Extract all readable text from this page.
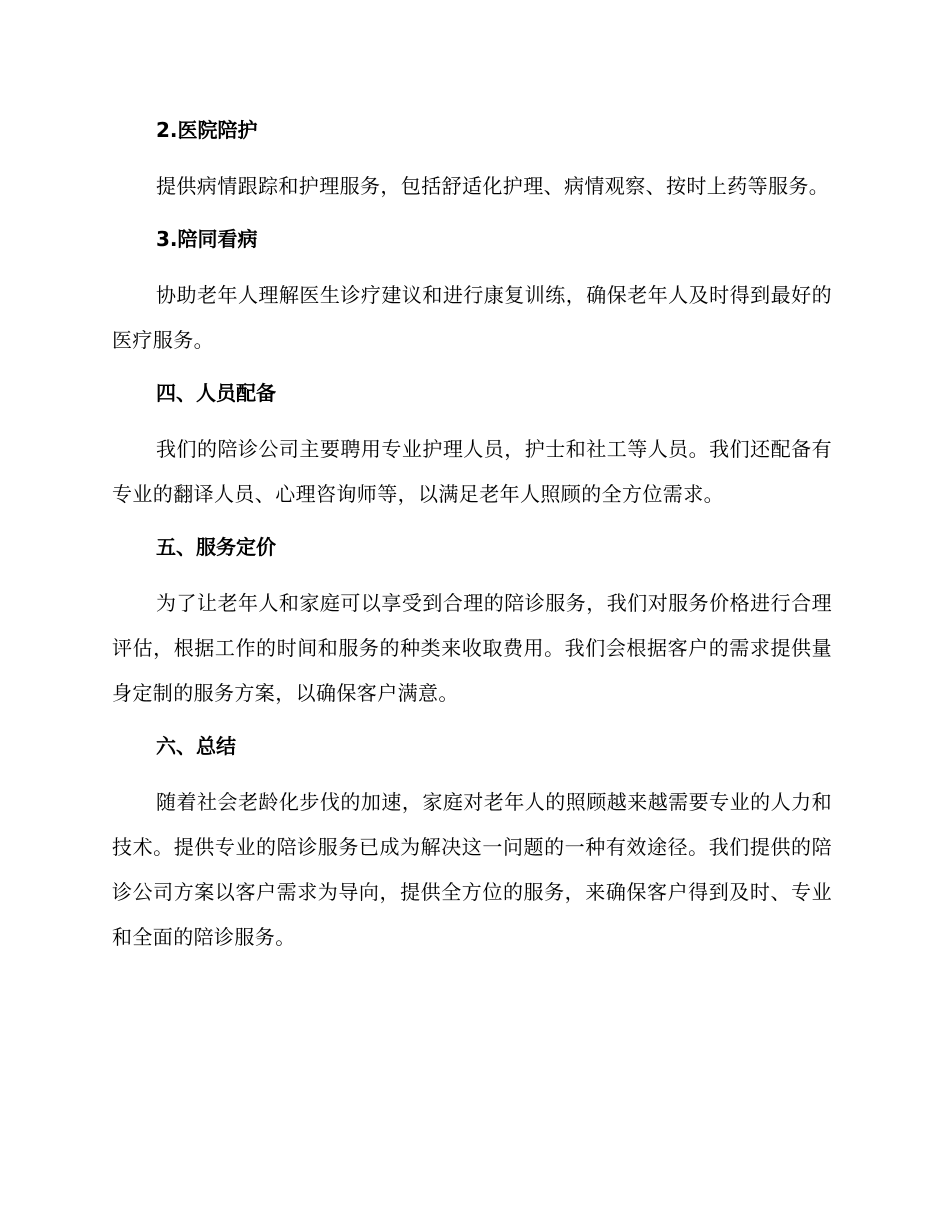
2.医院陪护

提供病情跟踪和护理服务，包括舒适化护理、病情观察、按时上药等服务。

3.陪同看病

协助老年人理解医生诊疗建议和进行康复训练，确保老年人及时得到最好的医疗服务。

四、人员配备

我们的陪诊公司主要聘用专业护理人员，护士和社工等人员。我们还配备有专业的翻译人员、心理咨询师等，以满足老年人照顾的全方位需求。

五、服务定价

为了让老年人和家庭可以享受到合理的陪诊服务，我们对服务价格进行合理评估，根据工作的时间和服务的种类来收取费用。我们会根据客户的需求提供量身定制的服务方案，以确保客户满意。

六、总结

随着社会老龄化步伐的加速，家庭对老年人的照顾越来越需要专业的人力和技术。提供专业的陪诊服务已成为解决这一问题的一种有效途径。我们提供的陪诊公司方案以客户需求为导向，提供全方位的服务，来确保客户得到及时、专业和全面的陪诊服务。
